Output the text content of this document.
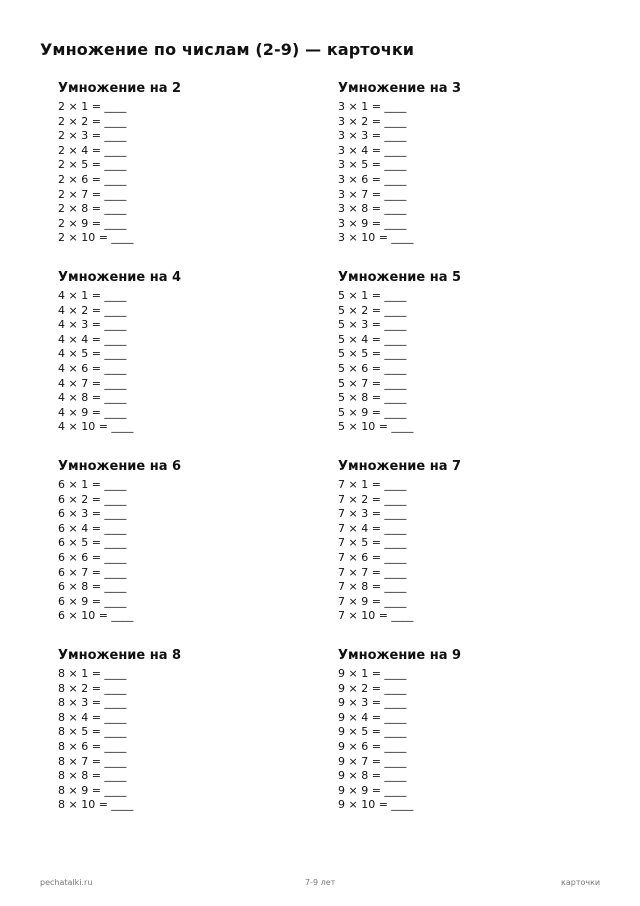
Умножение по числам (2-9) — карточки
Умножение на 2
2 × 1 = ____
2 × 2 = ____
2 × 3 = ____
2 × 4 = ____
2 × 5 = ____
2 × 6 = ____
2 × 7 = ____
2 × 8 = ____
2 × 9 = ____
2 × 10 = ____
Умножение на 3
3 × 1 = ____
3 × 2 = ____
3 × 3 = ____
3 × 4 = ____
3 × 5 = ____
3 × 6 = ____
3 × 7 = ____
3 × 8 = ____
3 × 9 = ____
3 × 10 = ____
Умножение на 4
4 × 1 = ____
4 × 2 = ____
4 × 3 = ____
4 × 4 = ____
4 × 5 = ____
4 × 6 = ____
4 × 7 = ____
4 × 8 = ____
4 × 9 = ____
4 × 10 = ____
Умножение на 5
5 × 1 = ____
5 × 2 = ____
5 × 3 = ____
5 × 4 = ____
5 × 5 = ____
5 × 6 = ____
5 × 7 = ____
5 × 8 = ____
5 × 9 = ____
5 × 10 = ____
Умножение на 6
6 × 1 = ____
6 × 2 = ____
6 × 3 = ____
6 × 4 = ____
6 × 5 = ____
6 × 6 = ____
6 × 7 = ____
6 × 8 = ____
6 × 9 = ____
6 × 10 = ____
Умножение на 7
7 × 1 = ____
7 × 2 = ____
7 × 3 = ____
7 × 4 = ____
7 × 5 = ____
7 × 6 = ____
7 × 7 = ____
7 × 8 = ____
7 × 9 = ____
7 × 10 = ____
Умножение на 8
8 × 1 = ____
8 × 2 = ____
8 × 3 = ____
8 × 4 = ____
8 × 5 = ____
8 × 6 = ____
8 × 7 = ____
8 × 8 = ____
8 × 9 = ____
8 × 10 = ____
Умножение на 9
9 × 1 = ____
9 × 2 = ____
9 × 3 = ____
9 × 4 = ____
9 × 5 = ____
9 × 6 = ____
9 × 7 = ____
9 × 8 = ____
9 × 9 = ____
9 × 10 = ____
pechatalki.ru	7-9 лет	карточки
